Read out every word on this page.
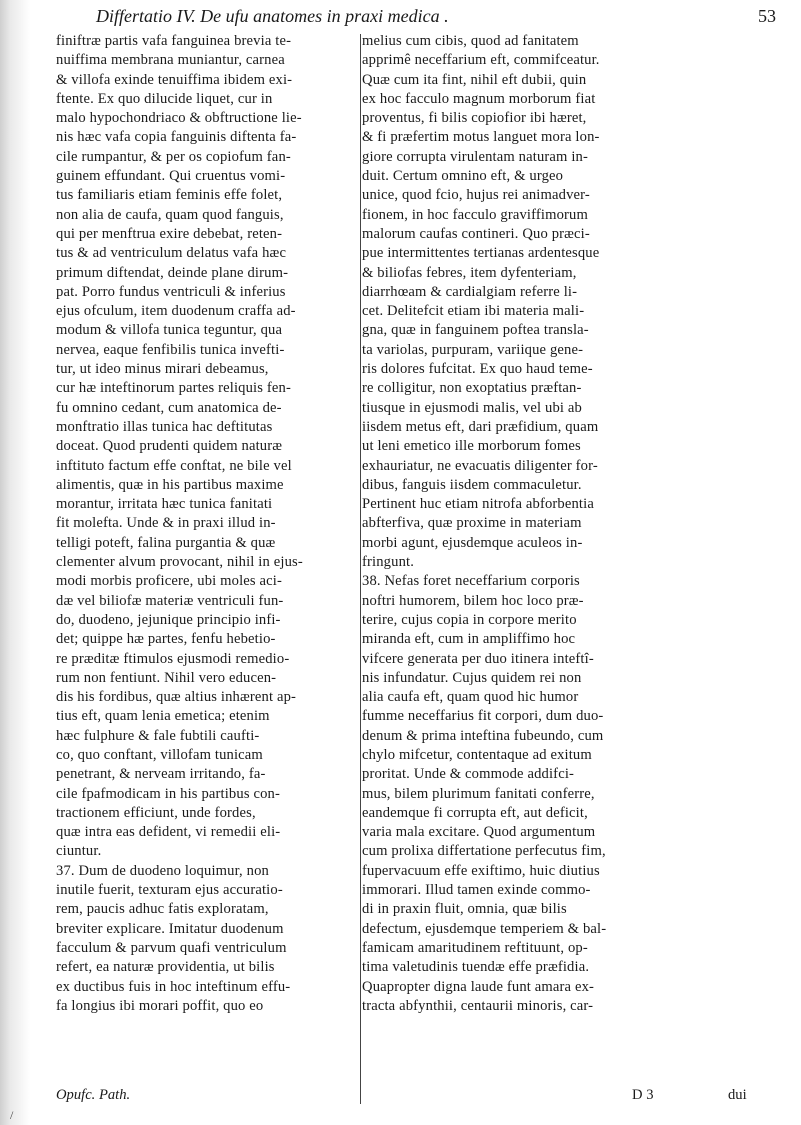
Differtatio IV. De ufu anatomes in praxi medica .	53
finiftræ partis vafa fanguinea brevia te-
nuiffima membrana muniantur, carnea
& villofa exinde tenuiffima ibidem exi-
ftente. Ex quo dilucide liquet, cur in
malo hypochondriaco & obftructione lie-
nis hæc vafa copia fanguinis diftenta fa-
cile rumpantur, & per os copiofum fan-
guinem effundant. Qui cruentus vomi-
tus familiaris etiam feminis effe folet,
non alia de caufa, quam quod fanguis,
qui per menftrua exire debebat, reten-
tus & ad ventriculum delatus vafa hæc
primum diftendat, deinde plane dirum-
pat. Porro fundus ventriculi & inferius
ejus ofculum, item duodenum craffa ad-
modum & villofa tunica teguntur, qua
nervea, eaque fenfibilis tunica invefti-
tur, ut ideo minus mirari debeamus,
cur hæ inteftinorum partes reliquis fen-
fu omnino cedant, cum anatomica de-
monftratio illas tunica hac deftitutas
doceat. Quod prudenti quidem naturæ
inftituto factum effe conftat, ne bile vel
alimentis, quæ in his partibus maxime
morantur, irritata hæc tunica fanitati
fit molefta. Unde & in praxi illud in-
telligi poteft, falina purgantia & quæ
clementer alvum provocant, nihil in ejus-
modi morbis proficere, ubi moles aci-
dæ vel biliofæ materiæ ventriculi fun-
do, duodeno, jejunique principio infi-
det; quippe hæ partes, fenfu hebetio-
re præditæ ftimulos ejusmodi remedio-
rum non fentiunt. Nihil vero educen-
dis his fordibus, quæ altius inhærent ap-
tius eft, quam lenia emetica; etenim
hæc fulphure & fale fubtili caufti-
co, quo conftant, villofam tunicam
penetrant, & nerveam irritando, fa-
cile fpafmodicam in his partibus con-
tractionem efficiunt, unde fordes,
quæ intra eas defident, vi remedii eli-
ciuntur.
37. Dum de duodeno loquimur, non
inutile fuerit, texturam ejus accuratio-
rem, paucis adhuc fatis exploratam,
breviter explicare. Imitatur duodenum
facculum & parvum quafi ventriculum
refert, ea naturæ providentia, ut bilis
ex ductibus fuis in hoc inteftinum effu-
fa longius ibi morari poffit, quo eo
melius cum cibis, quod ad fanitatem
apprimê neceffarium eft, commifceatur.
Quæ cum ita fint, nihil eft dubii, quin
ex hoc facculo magnum morborum fiat
proventus, fi bilis copiofior ibi hæret,
& fi præfertim motus languet mora lon-
giore corrupta virulentam naturam in-
duit. Certum omnino eft, & urgeo
unice, quod fcio, hujus rei animadver-
fionem, in hoc facculo graviffimorum
malorum caufas contineri. Quo præci-
pue intermittentes tertianas ardentesque
& biliofas febres, item dyfenteriam,
diarrhœam & cardialgiam referre li-
cet. Delitefcit etiam ibi materia mali-
gna, quæ in fanguinem poftea transla-
ta variolas, purpuram, variique gene-
ris dolores fufcitat. Ex quo haud teme-
re colligitur, non exoptatius præftan-
tiusque in ejusmodi malis, vel ubi ab
iisdem metus eft, dari præfidium, quam
ut leni emetico ille morborum fomes
exhauriatur, ne evacuatis diligenter for-
dibus, fanguis iisdem commaculetur.
Pertinent huc etiam nitrofa abforbentia
abfterfiva, quæ proxime in materiam
morbi agunt, ejusdemque aculeos in-
fringunt.
38. Nefas foret neceffarium corporis
noftri humorem, bilem hoc loco præ-
terire, cujus copia in corpore merito
miranda eft, cum in ampliffimo hoc
vifcere generata per duo itinera inteftî-
nis infundatur. Cujus quidem rei non
alia caufa eft, quam quod hic humor
fumme neceffarius fit corpori, dum duo-
denum & prima inteftina fubeundo, cum
chylo mifcetur, contentaque ad exitum
proritat. Unde & commode addifci-
mus, bilem plurimum fanitati conferre,
eandemque fi corrupta eft, aut deficit,
varia mala excitare. Quod argumentum
cum prolixa differtatione perfecutus fim,
fupervacuum effe exiftimo, huic diutius
immorari. Illud tamen exinde commo-
di in praxin fluit, omnia, quæ bilis
defectum, ejusdemque temperiem & bal-
famicam amaritudinem reftituunt, op-
tima valetudinis tuendæ effe præfidia.
Quapropter digna laude funt amara ex-
tracta abfynthii, centaurii minoris, car-
Opufc. Path.	D 3	dui
/
